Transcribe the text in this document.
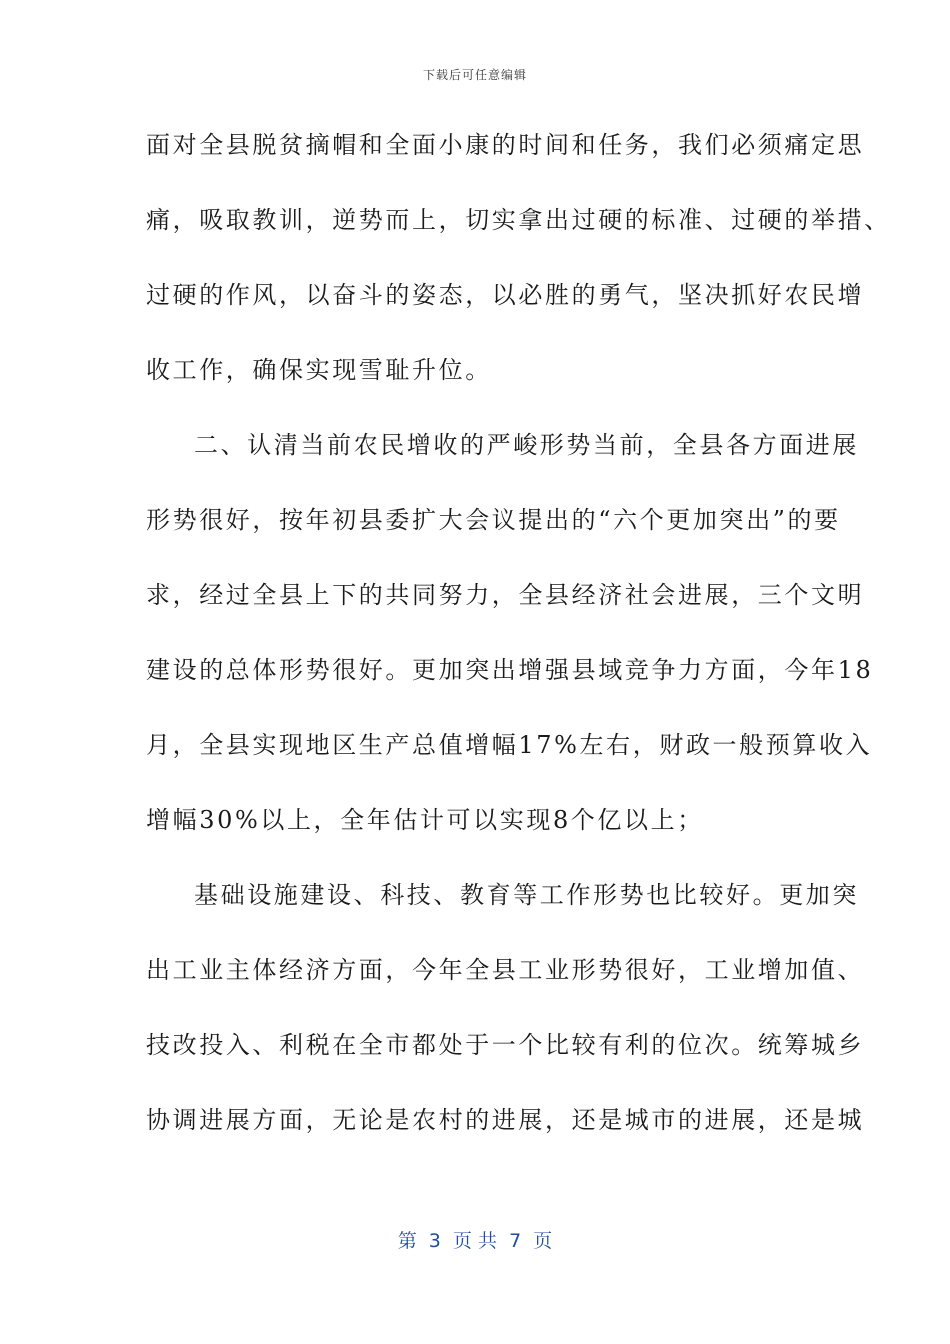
下载后可任意编辑
面对全县脱贫摘帽和全面小康的时间和任务，我们必须痛定思
痛，吸取教训，逆势而上，切实拿出过硬的标准、过硬的举措、
过硬的作风，以奋斗的姿态，以必胜的勇气，坚决抓好农民增
收工作，确保实现雪耻升位。
二、认清当前农民增收的严峻形势当前，全县各方面进展
形势很好，按年初县委扩大会议提出的“六个更加突出”的要
求，经过全县上下的共同努力，全县经济社会进展，三个文明
建设的总体形势很好。更加突出增强县域竞争力方面，今年18
月，全县实现地区生产总值增幅17%左右，财政一般预算收入
增幅30%以上，全年估计可以实现8个亿以上；
基础设施建设、科技、教育等工作形势也比较好。更加突
出工业主体经济方面，今年全县工业形势很好，工业增加值、
技改投入、利税在全市都处于一个比较有利的位次。统筹城乡
协调进展方面，无论是农村的进展，还是城市的进展，还是城
第  3  页 共  7  页
